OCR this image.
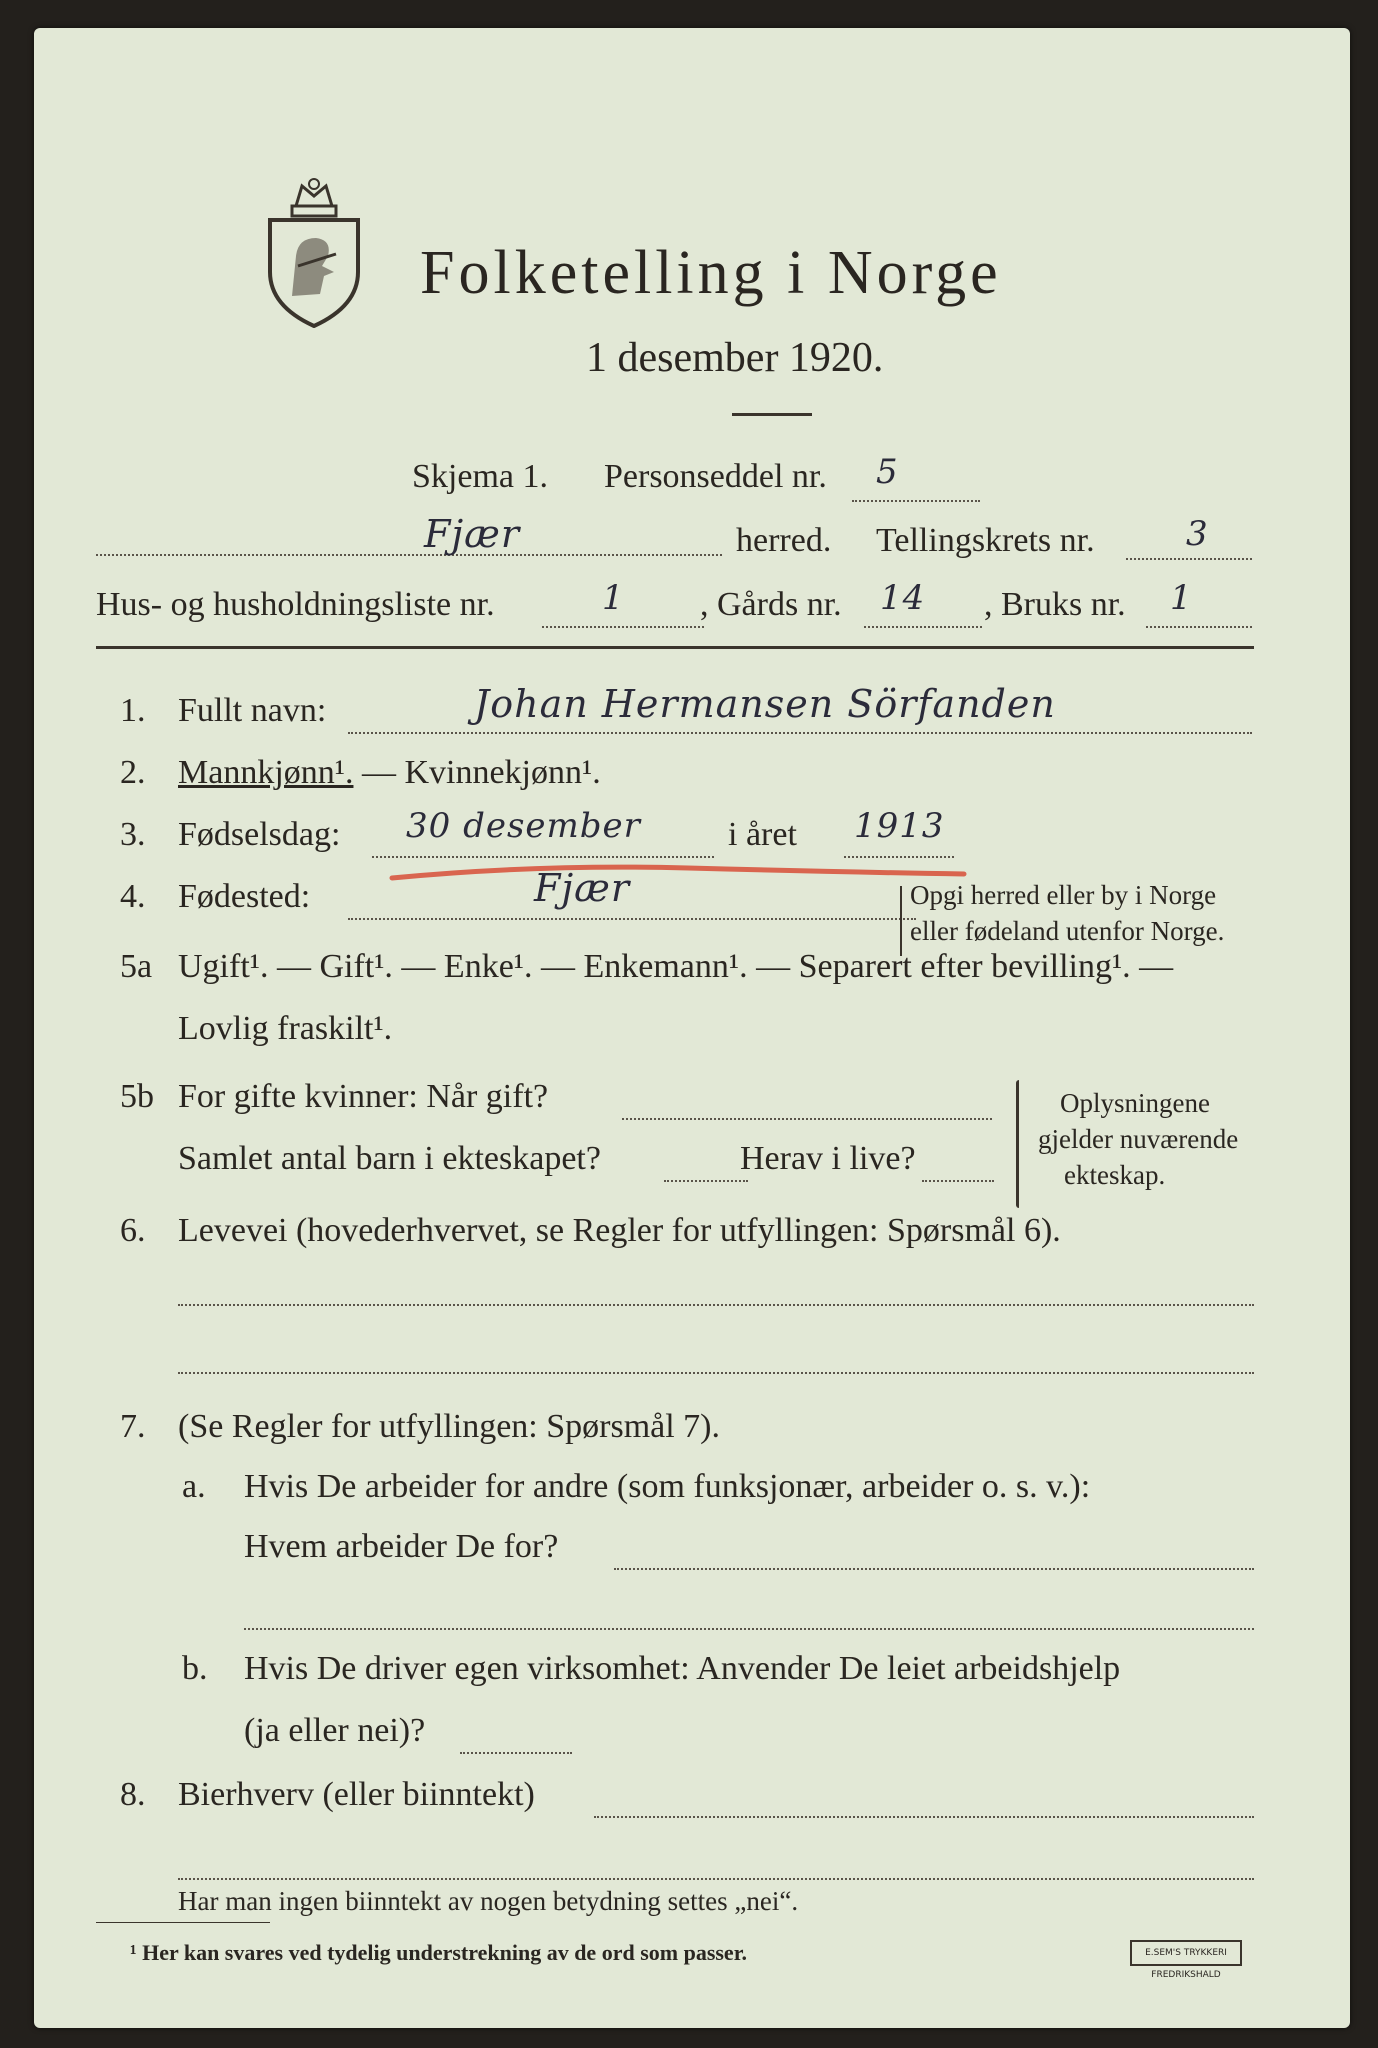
Folketelling i Norge
1 desember 1920.
Skjema 1. Personseddel nr. 5
Fjær	herred. Tellingskrets nr.	3
Hus- og husholdningsliste nr.	1 , Gårds nr. 14 , Bruks nr. 1
1. Fullt navn:	Johan Hermansen Sörfanden
2. Mannkjønn¹. — Kvinnekjønn¹.
3. Fødselsdag: 30 desember	i året 1913
4. Fødested:	Fjær	Opgi herred eller by i Norge
eller fødeland utenfor Norge.
5a Ugift¹. — Gift¹. — Enke¹. — Enkemann¹. — Separert efter bevilling¹. —
Lovlig fraskilt¹.
5b For gifte kvinner: Når gift?
Samlet antal barn i ekteskapet?	Herav i live?
Oplysningene
gjelder nuværende
ekteskap.
6. Levevei (hovederhvervet, se Regler for utfyllingen: Spørsmål 6).
7. (Se Regler for utfyllingen: Spørsmål 7).
a. Hvis De arbeider for andre (som funksjonær, arbeider o. s. v.):
Hvem arbeider De for?
b. Hvis De driver egen virksomhet: Anvender De leiet arbeidshjelp
(ja eller nei)?
8. Bierhverv (eller biinntekt)
Har man ingen biinntekt av nogen betydning settes „nei“.
¹ Her kan svares ved tydelig understrekning av de ord som passer.	E.SEM'S TRYKKERI FREDRIKSHALD
